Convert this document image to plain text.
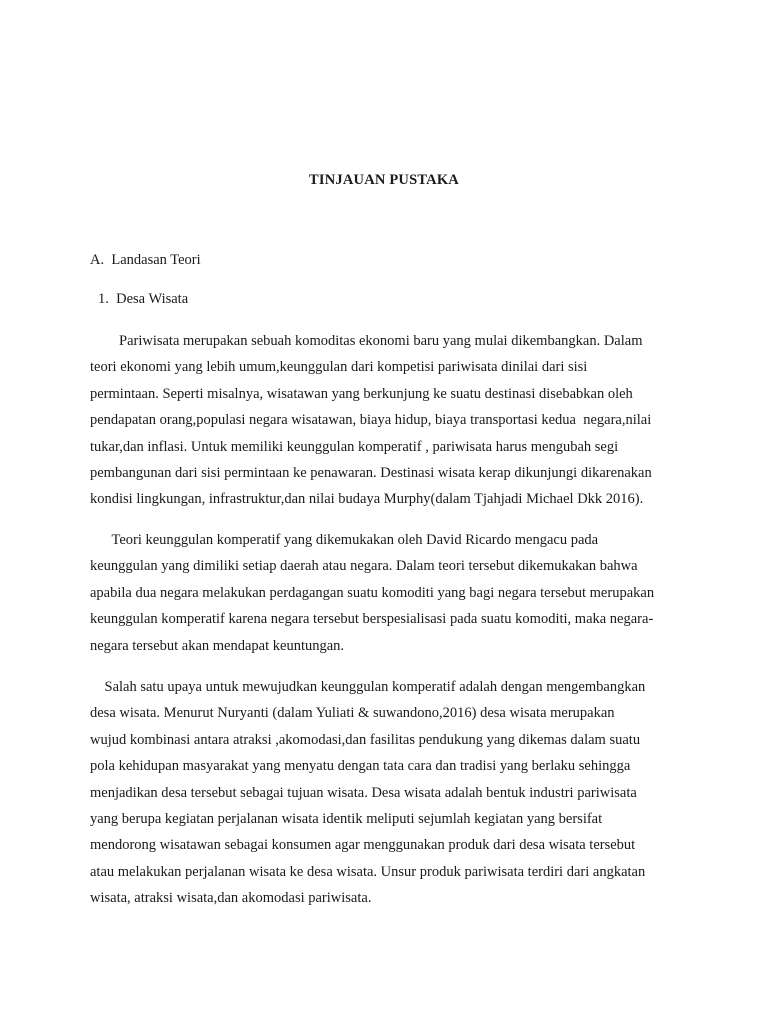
TINJAUAN PUSTAKA
A.  Landasan Teori
1.  Desa Wisata
Pariwisata merupakan sebuah komoditas ekonomi baru yang mulai dikembangkan. Dalam
teori ekonomi yang lebih umum,keunggulan dari kompetisi pariwisata dinilai dari sisi
permintaan. Seperti misalnya, wisatawan yang berkunjung ke suatu destinasi disebabkan oleh
pendapatan orang,populasi negara wisatawan, biaya hidup, biaya transportasi kedua  negara,nilai
tukar,dan inflasi. Untuk memiliki keunggulan komperatif , pariwisata harus mengubah segi
pembangunan dari sisi permintaan ke penawaran. Destinasi wisata kerap dikunjungi dikarenakan
kondisi lingkungan, infrastruktur,dan nilai budaya Murphy(dalam Tjahjadi Michael Dkk 2016).
Teori keunggulan komperatif yang dikemukakan oleh David Ricardo mengacu pada
keunggulan yang dimiliki setiap daerah atau negara. Dalam teori tersebut dikemukakan bahwa
apabila dua negara melakukan perdagangan suatu komoditi yang bagi negara tersebut merupakan
keunggulan komperatif karena negara tersebut berspesialisasi pada suatu komoditi, maka negara-
negara tersebut akan mendapat keuntungan.
Salah satu upaya untuk mewujudkan keunggulan komperatif adalah dengan mengembangkan
desa wisata. Menurut Nuryanti (dalam Yuliati & suwandono,2016) desa wisata merupakan
wujud kombinasi antara atraksi ,akomodasi,dan fasilitas pendukung yang dikemas dalam suatu
pola kehidupan masyarakat yang menyatu dengan tata cara dan tradisi yang berlaku sehingga
menjadikan desa tersebut sebagai tujuan wisata. Desa wisata adalah bentuk industri pariwisata
yang berupa kegiatan perjalanan wisata identik meliputi sejumlah kegiatan yang bersifat
mendorong wisatawan sebagai konsumen agar menggunakan produk dari desa wisata tersebut
atau melakukan perjalanan wisata ke desa wisata. Unsur produk pariwisata terdiri dari angkatan
wisata, atraksi wisata,dan akomodasi pariwisata.
